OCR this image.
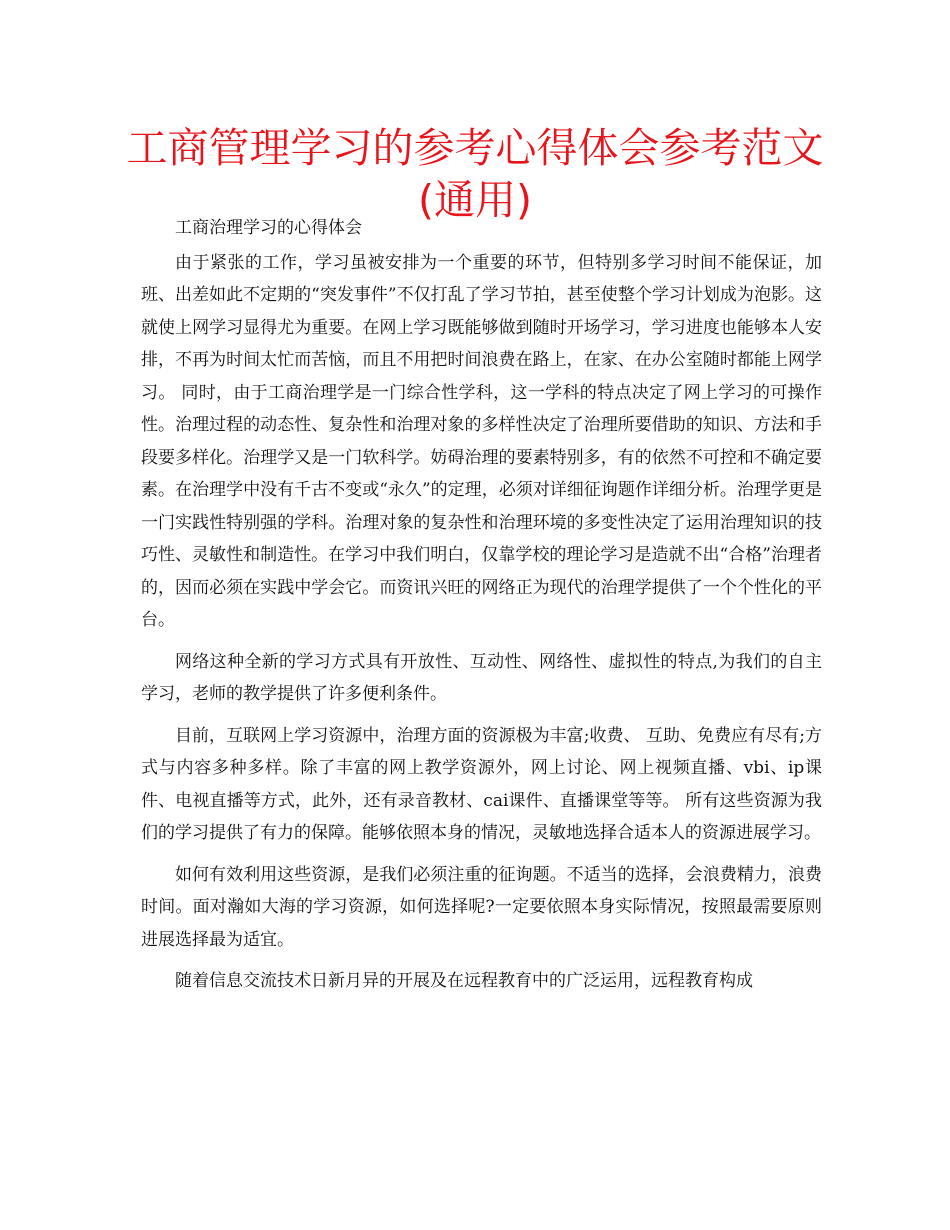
工商管理学习的参考心得体会参考范文
(通用)

工商治理学习的心得体会

由于紧张的工作，学习虽被安排为一个重要的环节，但特别多学习时间不能保证，加班、出差如此不定期的“突发事件”不仅打乱了学习节拍，甚至使整个学习计划成为泡影。这就使上网学习显得尤为重要。在网上学习既能够做到随时开场学习，学习进度也能够本人安排，不再为时间太忙而苦恼，而且不用把时间浪费在路上，在家、在办公室随时都能上网学习。 同时，由于工商治理学是一门综合性学科，这一学科的特点决定了网上学习的可操作性。治理过程的动态性、复杂性和治理对象的多样性决定了治理所要借助的知识、方法和手段要多样化。治理学又是一门软科学。妨碍治理的要素特别多，有的依然不可控和不确定要素。在治理学中没有千古不变或“永久”的定理，必须对详细征询题作详细分析。治理学更是一门实践性特别强的学科。治理对象的复杂性和治理环境的多变性决定了运用治理知识的技巧性、灵敏性和制造性。在学习中我们明白，仅靠学校的理论学习是造就不出“合格”治理者的，因而必须在实践中学会它。而资讯兴旺的网络正为现代的治理学提供了一个个性化的平台。

网络这种全新的学习方式具有开放性、互动性、网络性、虚拟性的特点,为我们的自主学习，老师的教学提供了许多便利条件。

目前，互联网上学习资源中，治理方面的资源极为丰富;收费、 互助、免费应有尽有;方式与内容多种多样。除了丰富的网上教学资源外，网上讨论、网上视频直播、vbi、ip课件、电视直播等方式，此外，还有录音教材、cai课件、直播课堂等等。 所有这些资源为我们的学习提供了有力的保障。能够依照本身的情况，灵敏地选择合适本人的资源进展学习。

如何有效利用这些资源，是我们必须注重的征询题。不适当的选择，会浪费精力，浪费时间。面对瀚如大海的学习资源，如何选择呢?一定要依照本身实际情况，按照最需要原则进展选择最为适宜。

随着信息交流技术日新月异的开展及在远程教育中的广泛运用，远程教育构成
